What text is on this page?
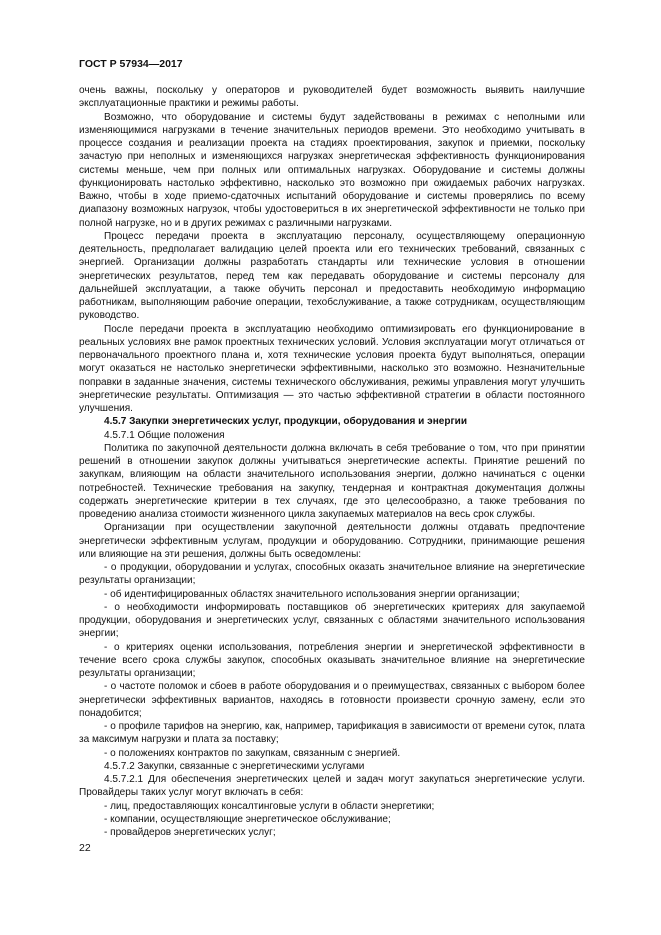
ГОСТ Р 57934—2017

очень важны, поскольку у операторов и руководителей будет возможность выявить наилучшие эксплуатационные практики и режимы работы.

Возможно, что оборудование и системы будут задействованы в режимах с неполными или изменяющимися нагрузками в течение значительных периодов времени. Это необходимо учитывать в процессе создания и реализации проекта на стадиях проектирования, закупок и приемки, поскольку зачастую при неполных и изменяющихся нагрузках энергетическая эффективность функционирования системы меньше, чем при полных или оптимальных нагрузках. Оборудование и системы должны функционировать настолько эффективно, насколько это возможно при ожидаемых рабочих нагрузках. Важно, чтобы в ходе приемо-сдаточных испытаний оборудование и системы проверялись по всему диапазону возможных нагрузок, чтобы удостовериться в их энергетической эффективности не только при полной нагрузке, но и в других режимах с различными нагрузками.

Процесс передачи проекта в эксплуатацию персоналу, осуществляющему операционную деятельность, предполагает валидацию целей проекта или его технических требований, связанных с энергией. Организации должны разработать стандарты или технические условия в отношении энергетических результатов, перед тем как передавать оборудование и системы персоналу для дальнейшей эксплуатации, а также обучить персонал и предоставить необходимую информацию работникам, выполняющим рабочие операции, техобслуживание, а также сотрудникам, осуществляющим руководство.

После передачи проекта в эксплуатацию необходимо оптимизировать его функционирование в реальных условиях вне рамок проектных технических условий. Условия эксплуатации могут отличаться от первоначального проектного плана и, хотя технические условия проекта будут выполняться, операции могут оказаться не настолько энергетически эффективными, насколько это возможно. Незначительные поправки в заданные значения, системы технического обслуживания, режимы управления могут улучшить энергетические результаты. Оптимизация — это частью эффективной стратегии в области постоянного улучшения.

4.5.7 Закупки энергетических услуг, продукции, оборудования и энергии

4.5.7.1 Общие положения

Политика по закупочной деятельности должна включать в себя требование о том, что при принятии решений в отношении закупок должны учитываться энергетические аспекты. Принятие решений по закупкам, влияющим на области значительного использования энергии, должно начинаться с оценки потребностей. Технические требования на закупку, тендерная и контрактная документация должны содержать энергетические критерии в тех случаях, где это целесообразно, а также требования по проведению анализа стоимости жизненного цикла закупаемых материалов на весь срок службы.

Организации при осуществлении закупочной деятельности должны отдавать предпочтение энергетически эффективным услугам, продукции и оборудованию. Сотрудники, принимающие решения или влияющие на эти решения, должны быть осведомлены:

- о продукции, оборудовании и услугах, способных оказать значительное влияние на энергетические результаты организации;

- об идентифицированных областях значительного использования энергии организации;

- о необходимости информировать поставщиков об энергетических критериях для закупаемой продукции, оборудования и энергетических услуг, связанных с областями значительного использования энергии;

- о критериях оценки использования, потребления энергии и энергетической эффективности в течение всего срока службы закупок, способных оказывать значительное влияние на энергетические результаты организации;

- о частоте поломок и сбоев в работе оборудования и о преимуществах, связанных с выбором более энергетически эффективных вариантов, находясь в готовности произвести срочную замену, если это понадобится;

- о профиле тарифов на энергию, как, например, тарификация в зависимости от времени суток, плата за максимум нагрузки и плата за поставку;

- о положениях контрактов по закупкам, связанным с энергией.

4.5.7.2 Закупки, связанные с энергетическими услугами

4.5.7.2.1 Для обеспечения энергетических целей и задач могут закупаться энергетические услуги. Провайдеры таких услуг могут включать в себя:

- лиц, предоставляющих консалтинговые услуги в области энергетики;

- компании, осуществляющие энергетическое обслуживание;

- провайдеров энергетических услуг;

22
